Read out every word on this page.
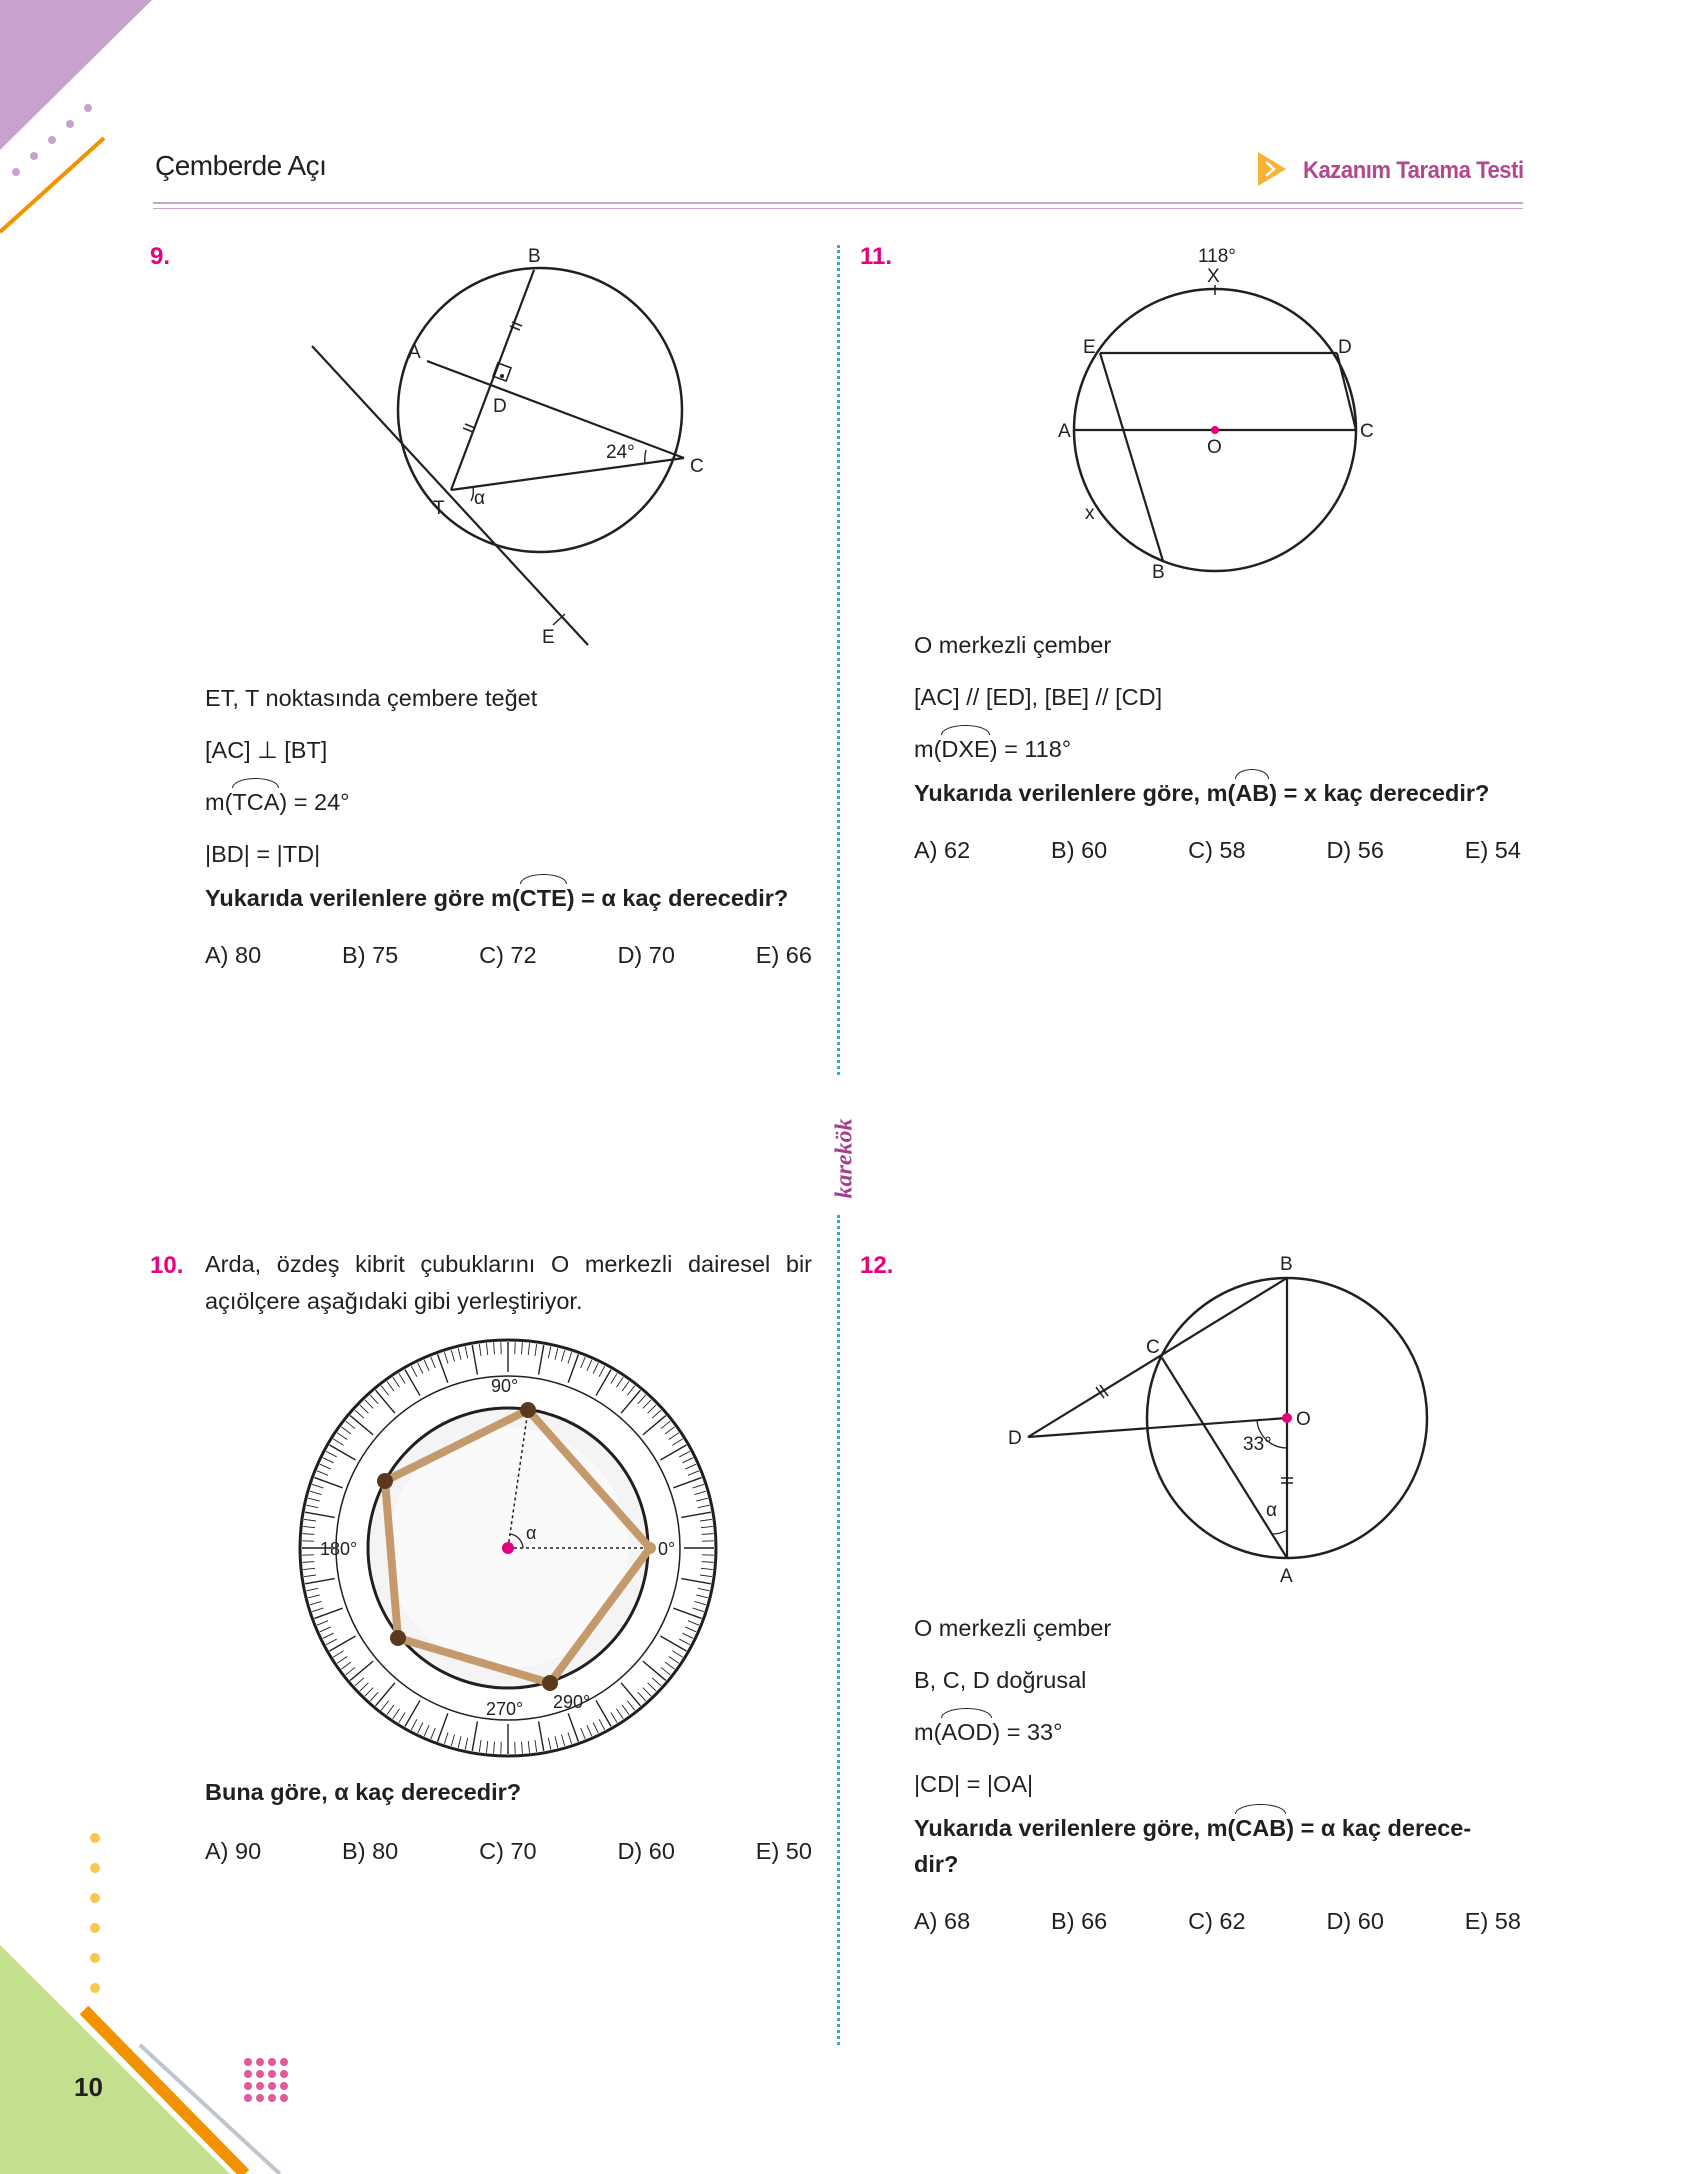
Çemberde Açı	Kazanım Tarama Testi
karekök
9.	B
A
D
C
T α
E
24°
ET, T noktasında çembere teğet
[AC] ⊥ [BT]
m(TCA) = 24°
|BD| = |TD|
Yukarıda verilenlere göre m(CTE) = α kaç derecedir?
A) 80	B) 75	C) 72	D) 70	E) 66
10. Arda, özdeş kibrit çubuklarını O merkezli dairesel bir açıölçere aşağıdaki gibi yerleştiriyor.
90°
180°	0°
270° 290°
α
Buna göre, α kaç derecedir?
A) 90	B) 80	C) 70	D) 60	E) 50
11.	118°
X
E	D
A
O
C
x
B
O merkezli çember
[AC] // [ED], [BE] // [CD]
m(DXE) = 118°
Yukarıda verilenlere göre, m(AB) = x kaç derecedir?
A) 62	B) 60	C) 58	D) 56	E) 54
12.	B
C
O
D	33°
α
A
O merkezli çember
B, C, D doğrusal
m(AOD) = 33°
|CD| = |OA|
Yukarıda verilenlere göre, m(CAB) = α kaç derece-
dir?
A) 68	B) 66	C) 62	D) 60	E) 58
10
